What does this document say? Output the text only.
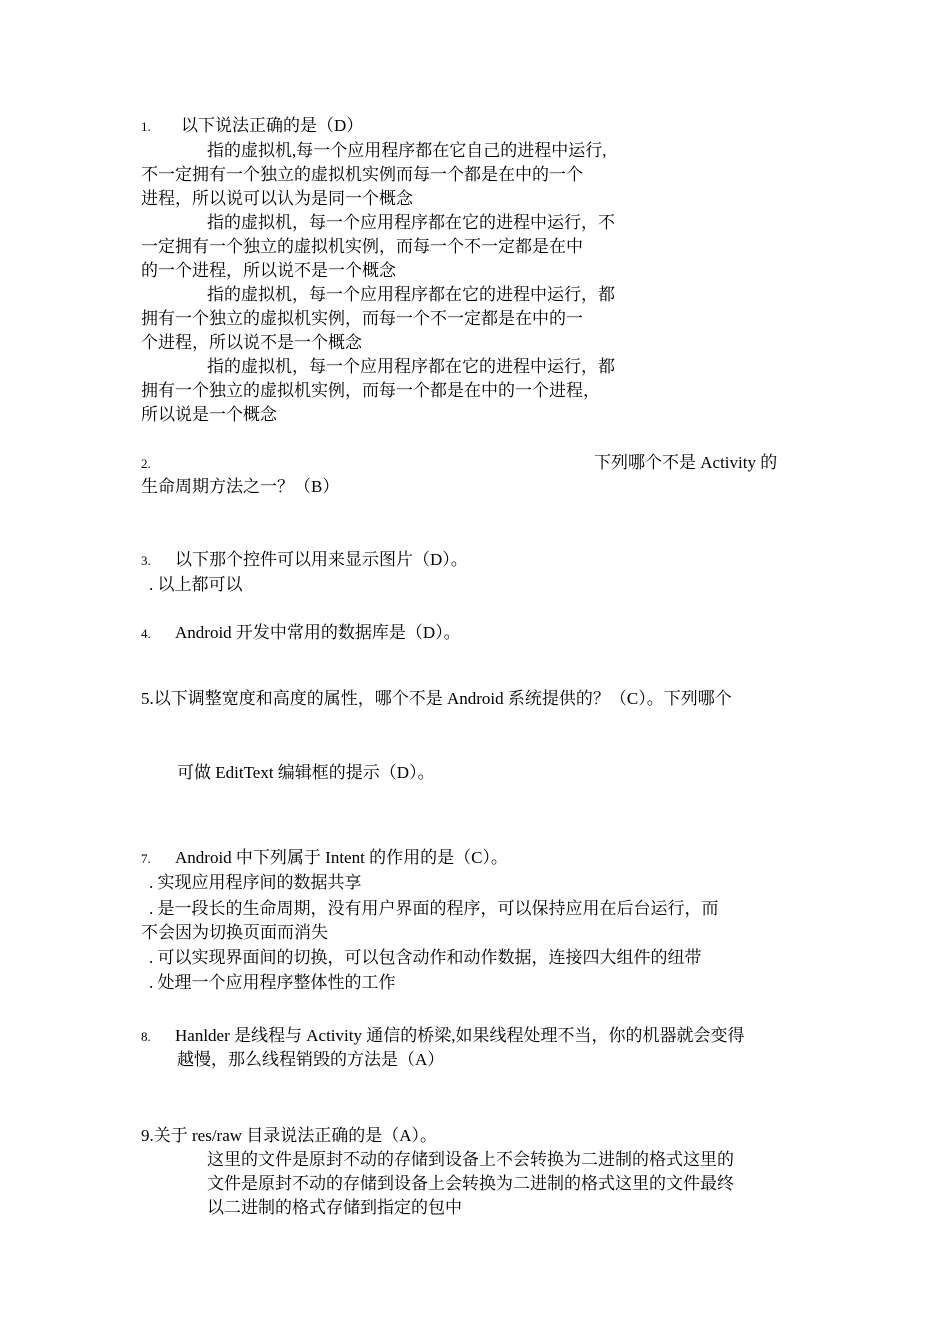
1. 以下说法正确的是（D）
指的虚拟机,每一个应用程序都在它自己的进程中运行,
不一定拥有一个独立的虚拟机实例而每一个都是在中的一个
进程，所以说可以认为是同一个概念
指的虚拟机，每一个应用程序都在它的进程中运行，不
一定拥有一个独立的虚拟机实例，而每一个不一定都是在中
的一个进程，所以说不是一个概念
指的虚拟机，每一个应用程序都在它的进程中运行，都
拥有一个独立的虚拟机实例，而每一个不一定都是在中的一
个进程，所以说不是一个概念
指的虚拟机，每一个应用程序都在它的进程中运行，都
拥有一个独立的虚拟机实例，而每一个都是在中的一个进程，
所以说是一个概念
2.	下列哪个不是 Activity 的
生命周期方法之一？（B）
3. 以下那个控件可以用来显示图片（D）。
. 以上都可以
4. Android 开发中常用的数据库是（D）。
5.以下调整宽度和高度的属性，哪个不是 Android 系统提供的？（C）。下列哪个
可做 EditText 编辑框的提示（D）。
7. Android 中下列属于 Intent 的作用的是（C）。
. 实现应用程序间的数据共享
. 是一段长的生命周期，没有用户界面的程序，可以保持应用在后台运行，而
不会因为切换页面而消失
. 可以实现界面间的切换，可以包含动作和动作数据，连接四大组件的纽带
. 处理一个应用程序整体性的工作
8. Hanlder 是线程与 Activity 通信的桥梁,如果线程处理不当，你的机器就会变得
越慢，那么线程销毁的方法是（A）
9.关于 res/raw 目录说法正确的是（A）。
这里的文件是原封不动的存储到设备上不会转换为二进制的格式这里的
文件是原封不动的存储到设备上会转换为二进制的格式这里的文件最终
以二进制的格式存储到指定的包中
